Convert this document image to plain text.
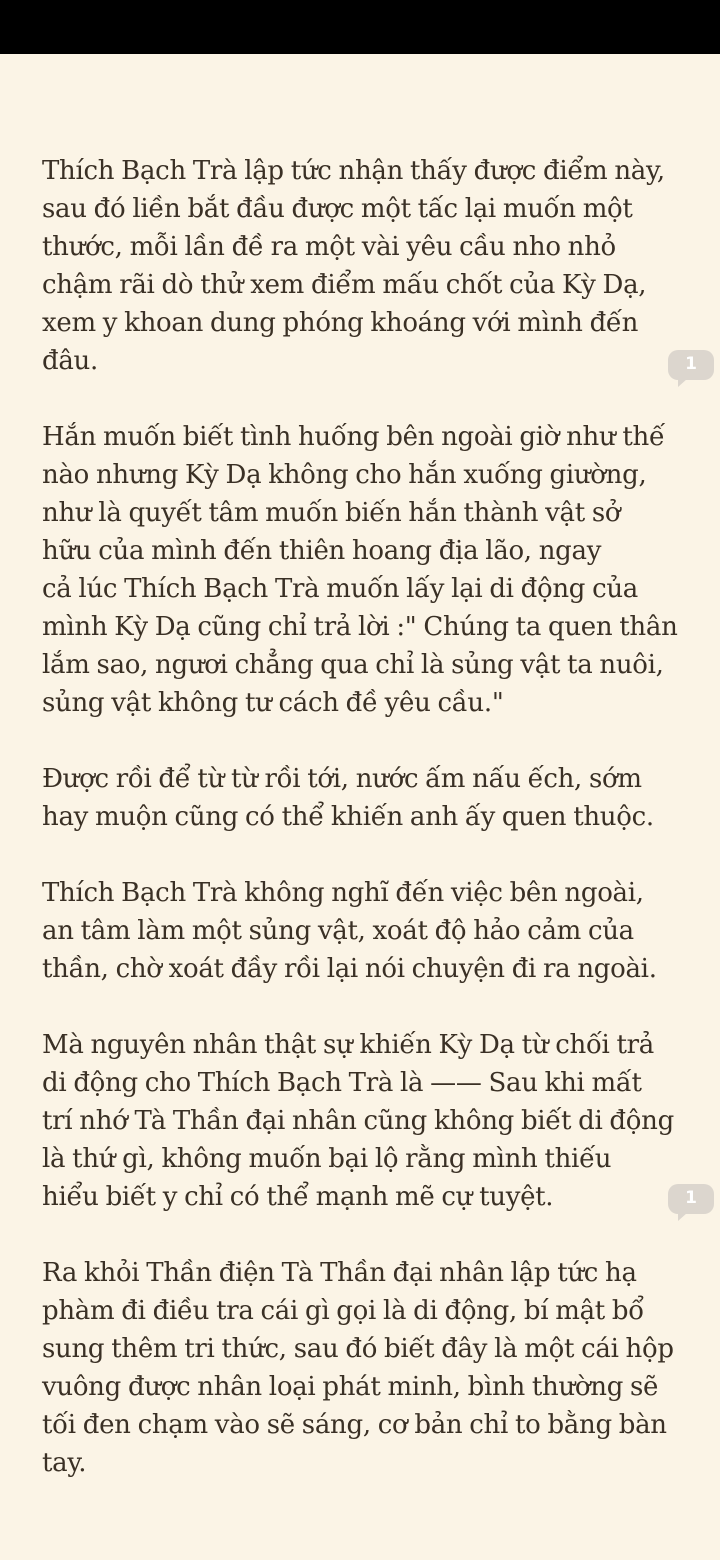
Thích Bạch Trà lập tức nhận thấy được điểm này,
sau đó liền bắt đầu được một tấc lại muốn một
thước, mỗi lần đề ra một vài yêu cầu nho nhỏ
chậm rãi dò thử xem điểm mấu chốt của Kỳ Dạ,
xem y khoan dung phóng khoáng với mình đến
đâu.	1

Hắn muốn biết tình huống bên ngoài giờ như thế
nào nhưng Kỳ Dạ không cho hắn xuống giường,
như là quyết tâm muốn biến hắn thành vật sở
hữu của mình đến thiên hoang địa lão, ngay
cả lúc Thích Bạch Trà muốn lấy lại di động của
mình Kỳ Dạ cũng chỉ trả lời :" Chúng ta quen thân
lắm sao, ngươi chẳng qua chỉ là sủng vật ta nuôi,
sủng vật không tư cách đề yêu cầu."

Được rồi để từ từ rồi tới, nước ấm nấu ếch, sớm
hay muộn cũng có thể khiến anh ấy quen thuộc.

Thích Bạch Trà không nghĩ đến việc bên ngoài,
an tâm làm một sủng vật, xoát độ hảo cảm của
thần, chờ xoát đầy rồi lại nói chuyện đi ra ngoài.

Mà nguyên nhân thật sự khiến Kỳ Dạ từ chối trả
di động cho Thích Bạch Trà là —— Sau khi mất
trí nhớ Tà Thần đại nhân cũng không biết di động
là thứ gì, không muốn bại lộ rằng mình thiếu
hiểu biết y chỉ có thể mạnh mẽ cự tuyệt.	1

Ra khỏi Thần điện Tà Thần đại nhân lập tức hạ
phàm đi điều tra cái gì gọi là di động, bí mật bổ
sung thêm tri thức, sau đó biết đây là một cái hộp
vuông được nhân loại phát minh, bình thường sẽ
tối đen chạm vào sẽ sáng, cơ bản chỉ to bằng bàn
tay.
